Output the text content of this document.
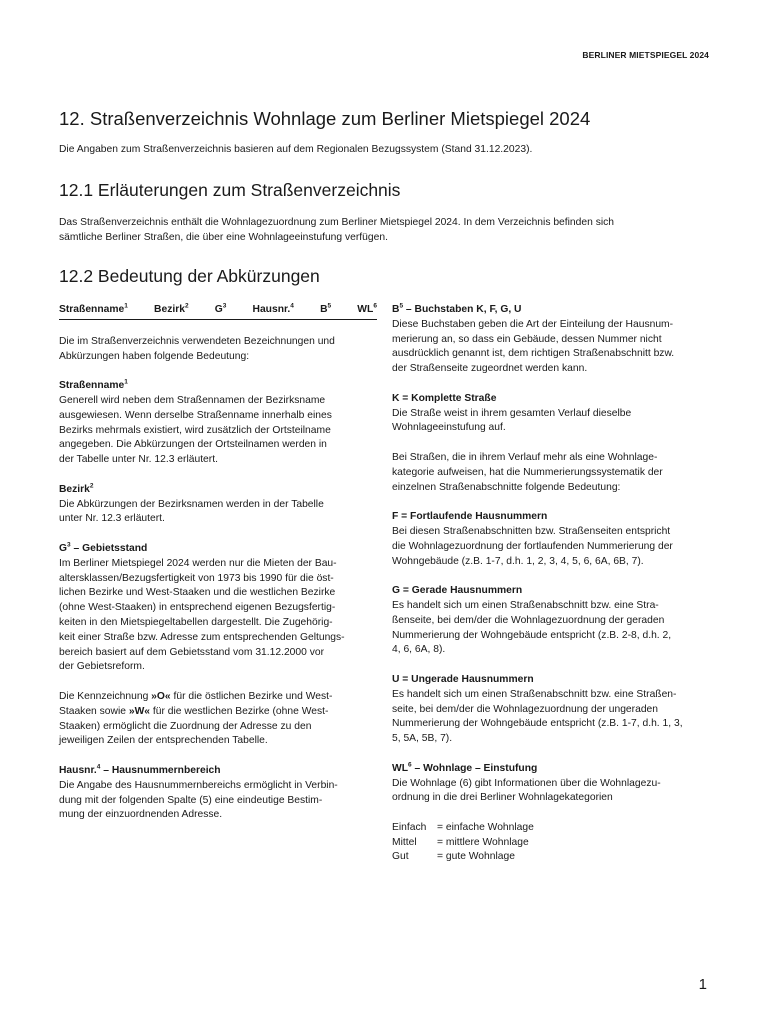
BERLINER MIETSPIEGEL 2024
12. Straßenverzeichnis Wohnlage zum Berliner Mietspiegel 2024
Die Angaben zum Straßenverzeichnis basieren auf dem Regionalen Bezugssystem (Stand 31.12.2023).
12.1 Erläuterungen zum Straßenverzeichnis

Das Straßenverzeichnis enthält die Wohnlagezuordnung zum Berliner Mietspiegel 2024. In dem Verzeichnis befinden sich
sämtliche Berliner Straßen, die über eine Wohnlageeinstufung verfügen.

12.2 Bedeutung der Abkürzungen
Straßenname$^1$	Bezirk$^2$	$G^3$	Hausnr.$^4$	$B^5$	$WL^6$
Die im Straßenverzeichnis verwendeten Bezeichnungen und
Abkürzungen haben folgende Bedeutung:
Straßenname$^1$
Generell wird neben dem Straßennamen der Bezirksname
ausgewiesen. Wenn derselbe Straßenname innerhalb eines
Bezirks mehrmals existiert, wird zusätzlich der Ortsteilname
angegeben. Die Abkürzungen der Ortsteilnamen werden in
der Tabelle unter Nr. 12.3 erläutert.
Bezirk$^2$
Die Abkürzungen der Bezirksnamen werden in der Tabelle
unter Nr. 12.3 erläutert.
$G^3$ – Gebietsstand
Im Berliner Mietspiegel 2024 werden nur die Mieten der Bau-
altersklassen/Bezugsfertigkeit von 1973 bis 1990 für die öst-
lichen Bezirke und West-Staaken und die westlichen Bezirke
(ohne West-Staaken) in entsprechend eigenen Bezugsfertig-
keiten in den Mietspiegeltabellen dargestellt. Die Zugehörig-
keit einer Straße bzw. Adresse zum entsprechenden Geltungs-
bereich basiert auf dem Gebietsstand vom 31.12.2000 vor
der Gebietsreform.
Die Kennzeichnung »O« für die östlichen Bezirke und West-
Staaken sowie »W« für die westlichen Bezirke (ohne West-
Staaken) ermöglicht die Zuordnung der Adresse zu den
jeweiligen Zeilen der entsprechenden Tabelle.
Hausnr.$^4$ – Hausnummernbereich
Die Angabe des Hausnummernbereichs ermöglicht in Verbin-
dung mit der folgenden Spalte (5) eine eindeutige Bestim-
mung der einzuordnenden Adresse.
$B^5$ – Buchstaben K, F, G, U
Diese Buchstaben geben die Art der Einteilung der Hausnum-
merierung an, so dass ein Gebäude, dessen Nummer nicht
ausdrücklich genannt ist, dem richtigen Straßenabschnitt bzw.
der Straßenseite zugeordnet werden kann.
K = Komplette Straße
Die Straße weist in ihrem gesamten Verlauf dieselbe
Wohnlageeinstufung auf.
Bei Straßen, die in ihrem Verlauf mehr als eine Wohnlage-
kategorie aufweisen, hat die Nummerierungssystematik der
einzelnen Straßenabschnitte folgende Bedeutung:
F = Fortlaufende Hausnummern
Bei diesen Straßenabschnitten bzw. Straßenseiten entspricht
die Wohnlagezuordnung der fortlaufenden Nummerierung der
Wohngebäude (z.B. 1-7, d.h. 1, 2, 3, 4, 5, 6, 6A, 6B, 7).
G = Gerade Hausnummern
Es handelt sich um einen Straßenabschnitt bzw. eine Stra-
ßenseite, bei dem/der die Wohnlagezuordnung der geraden
Nummerierung der Wohngebäude entspricht (z.B. 2-8, d.h. 2,
4, 6, 6A, 8).
U = Ungerade Hausnummern
Es handelt sich um einen Straßenabschnitt bzw. eine Straßen-
seite, bei dem/der die Wohnlagezuordnung der ungeraden
Nummerierung der Wohngebäude entspricht (z.B. 1-7, d.h. 1, 3,
5, 5A, 5B, 7).
$WL^6$ – Wohnlage – Einstufung
Die Wohnlage (6) gibt Informationen über die Wohnlagezu-
ordnung in die drei Berliner Wohnlagekategorien
Einfach	= einfache Wohnlage
Mittel	= mittlere Wohnlage
Gut	= gute Wohnlage
1
